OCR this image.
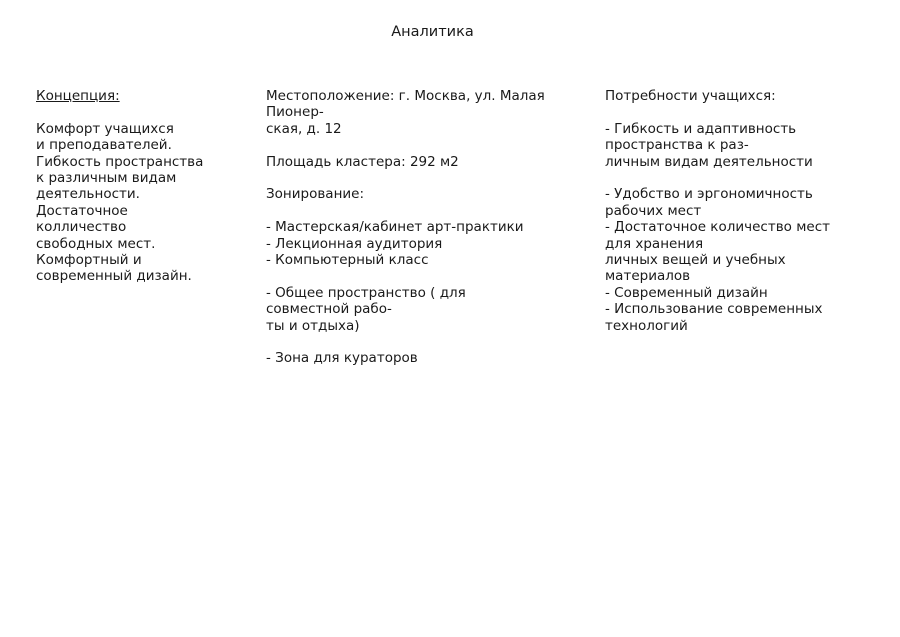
Аналитика
Концепция:
Комфорт учащихся
и преподавателей.
Гибкость пространства
к различным видам
деятельности.
Достаточное
колличество
свободных мест.
Комфортный и
современный дизайн.
Местоположение: г. Москва, ул. Малая
Пионер-
ская, д. 12
Площадь кластера: 292 м2
Зонирование:
- Мастерская/кабинет арт-практики
- Лекционная аудитория
- Компьютерный класс
- Общее пространство ( для
совместной рабо-
ты и отдыха)
- Зона для кураторов
Потребности учащихся:
- Гибкость и адаптивность
пространства к раз-
личным видам деятельности
- Удобство и эргономичность
рабочих мест
- Достаточное количество мест
для хранения
личных вещей и учебных
материалов
- Современный дизайн
- Использование современных
технологий
